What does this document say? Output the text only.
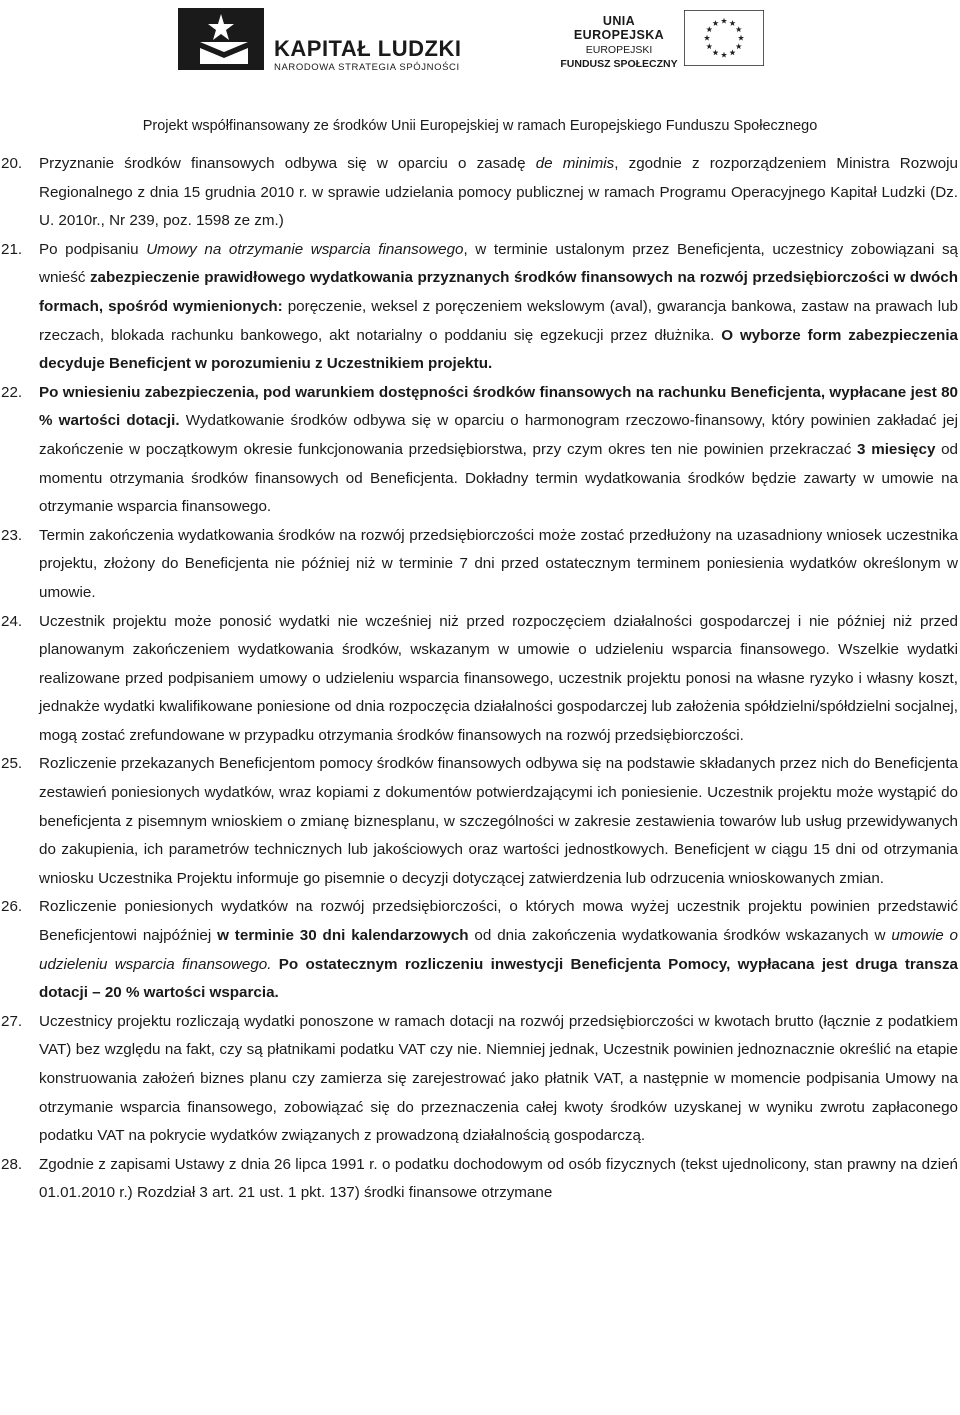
KAPITAŁ LUDZKI
NARODOWA STRATEGIA SPÓJNOŚCI
UNIA EUROPEJSKA
EUROPEJSKI
FUNDUSZ SPOŁECZNY
Projekt współfinansowany ze środków Unii Europejskiej w ramach Europejskiego Funduszu Społecznego

20. Przyznanie środków finansowych odbywa się w oparciu o zasadę de minimis, zgodnie z rozporządzeniem Ministra Rozwoju Regionalnego z dnia 15 grudnia 2010 r. w sprawie udzielania pomocy publicznej w ramach Programu Operacyjnego Kapitał Ludzki (Dz. U. 2010r., Nr 239, poz. 1598 ze zm.)

21. Po podpisaniu Umowy na otrzymanie wsparcia finansowego, w terminie ustalonym przez Beneficjenta, uczestnicy zobowiązani są wnieść zabezpieczenie prawidłowego wydatkowania przyznanych środków finansowych na rozwój przedsiębiorczości w dwóch formach, spośród wymienionych: poręczenie, weksel z poręczeniem wekslowym (aval), gwarancja bankowa, zastaw na prawach lub rzeczach, blokada rachunku bankowego, akt notarialny o poddaniu się egzekucji przez dłużnika. O wyborze form zabezpieczenia decyduje Beneficjent w porozumieniu z Uczestnikiem projektu.

22. Po wniesieniu zabezpieczenia, pod warunkiem dostępności środków finansowych na rachunku Beneficjenta, wypłacane jest 80 % wartości dotacji. Wydatkowanie środków odbywa się w oparciu o harmonogram rzeczowo-finansowy, który powinien zakładać jej zakończenie w początkowym okresie funkcjonowania przedsiębiorstwa, przy czym okres ten nie powinien przekraczać 3 miesięcy od momentu otrzymania środków finansowych od Beneficjenta. Dokładny termin wydatkowania środków będzie zawarty w umowie na otrzymanie wsparcia finansowego.

23. Termin zakończenia wydatkowania środków na rozwój przedsiębiorczości może zostać przedłużony na uzasadniony wniosek uczestnika projektu, złożony do Beneficjenta nie później niż w terminie 7 dni przed ostatecznym terminem poniesienia wydatków określonym w umowie.

24. Uczestnik projektu może ponosić wydatki nie wcześniej niż przed rozpoczęciem działalności gospodarczej i nie później niż przed planowanym zakończeniem wydatkowania środków, wskazanym w umowie o udzieleniu wsparcia finansowego. Wszelkie wydatki realizowane przed podpisaniem umowy o udzieleniu wsparcia finansowego, uczestnik projektu ponosi na własne ryzyko i własny koszt, jednakże wydatki kwalifikowane poniesione od dnia rozpoczęcia działalności gospodarczej lub założenia spółdzielni/spółdzielni socjalnej, mogą zostać zrefundowane w przypadku otrzymania środków finansowych na rozwój przedsiębiorczości.

25. Rozliczenie przekazanych Beneficjentom pomocy środków finansowych odbywa się na podstawie składanych przez nich do Beneficjenta zestawień poniesionych wydatków, wraz kopiami z dokumentów potwierdzającymi ich poniesienie. Uczestnik projektu może wystąpić do beneficjenta z pisemnym wnioskiem o zmianę biznesplanu, w szczególności w zakresie zestawienia towarów lub usług przewidywanych do zakupienia, ich parametrów technicznych lub jakościowych oraz wartości jednostkowych. Beneficjent w ciągu 15 dni od otrzymania wniosku Uczestnika Projektu informuje go pisemnie o decyzji dotyczącej zatwierdzenia lub odrzucenia wnioskowanych zmian.

26. Rozliczenie poniesionych wydatków na rozwój przedsiębiorczości, o których mowa wyżej uczestnik projektu powinien przedstawić Beneficjentowi najpóźniej w terminie 30 dni kalendarzowych od dnia zakończenia wydatkowania środków wskazanych w umowie o udzieleniu wsparcia finansowego. Po ostatecznym rozliczeniu inwestycji Beneficjenta Pomocy, wypłacana jest druga transza dotacji – 20 % wartości wsparcia.

27. Uczestnicy projektu rozliczają wydatki ponoszone w ramach dotacji na rozwój przedsiębiorczości w kwotach brutto (łącznie z podatkiem VAT) bez względu na fakt, czy są płatnikami podatku VAT czy nie. Niemniej jednak, Uczestnik powinien jednoznacznie określić na etapie konstruowania założeń biznes planu czy zamierza się zarejestrować jako płatnik VAT, a następnie w momencie podpisania Umowy na otrzymanie wsparcia finansowego, zobowiązać się do przeznaczenia całej kwoty środków uzyskanej w wyniku zwrotu zapłaconego podatku VAT na pokrycie wydatków związanych z prowadzoną działalnością gospodarczą.

28. Zgodnie z zapisami Ustawy z dnia 26 lipca 1991 r. o podatku dochodowym od osób fizycznych (tekst ujednolicony, stan prawny na dzień 01.01.2010 r.) Rozdział 3 art. 21 ust. 1 pkt. 137) środki finansowe otrzymane
